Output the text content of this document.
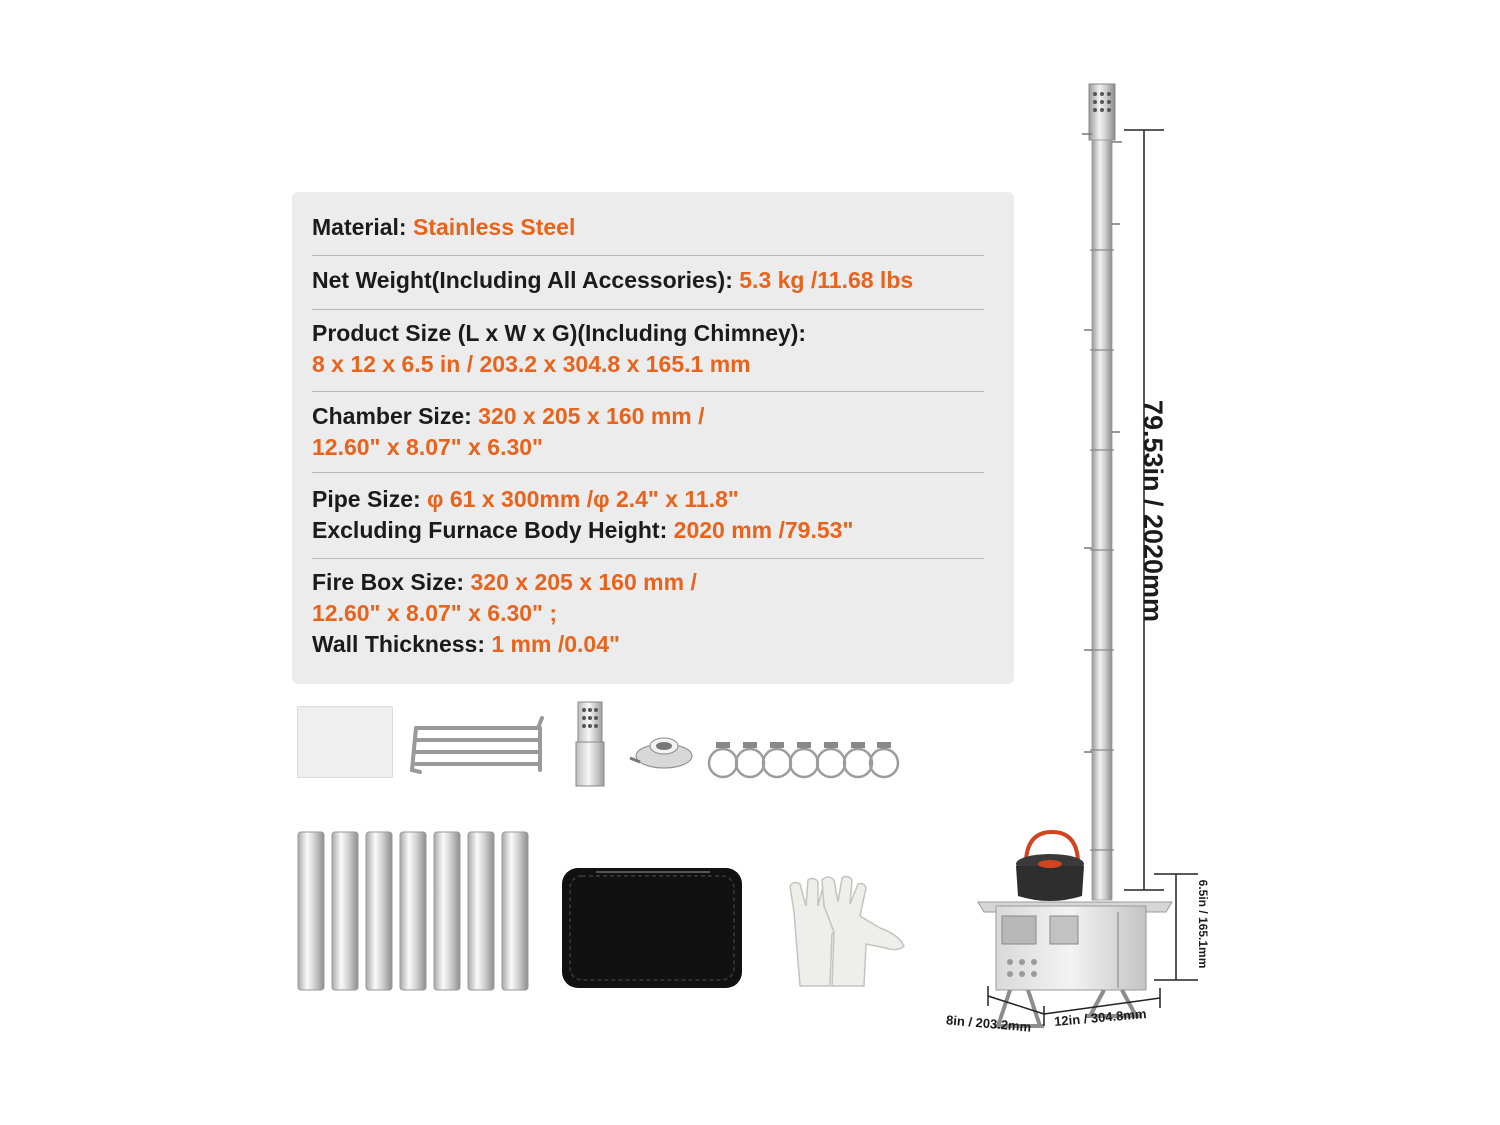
Material: Stainless Steel
Net Weight(Including All Accessories): 5.3 kg /11.68 lbs
Product Size (L x W x G)(Including Chimney):
8 x 12 x 6.5 in / 203.2 x 304.8 x 165.1 mm
Chamber Size: 320 x 205 x 160 mm /
12.60" x 8.07" x 6.30"
Pipe Size: φ 61 x 300mm /φ 2.4" x 11.8"
Excluding Furnace Body Height: 2020 mm /79.53"
Fire Box Size: 320 x 205 x 160 mm /
12.60" x 8.07" x 6.30" ;
Wall Thickness: 1 mm /0.04"
79.53in / 2020mm
6.5in / 165.1mm
8in / 203.2mm 12in / 304.8mm
